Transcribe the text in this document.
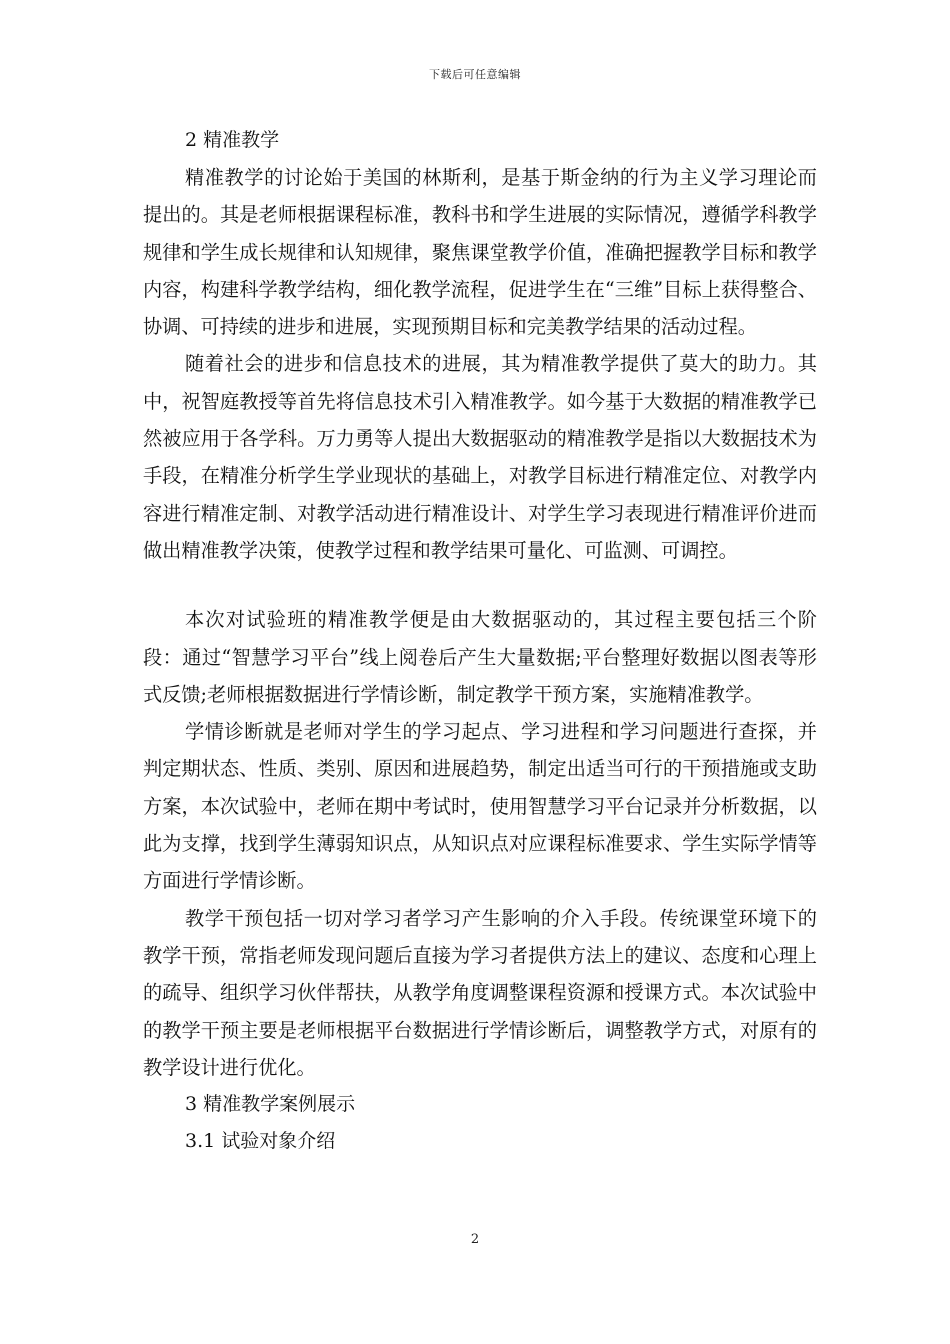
下载后可任意编辑
2 精准教学

精准教学的讨论始于美国的林斯利，是基于斯金纳的行为主义学习理论而提出的。其是老师根据课程标准，教科书和学生进展的实际情况，遵循学科教学规律和学生成长规律和认知规律，聚焦课堂教学价值，准确把握教学目标和教学内容，构建科学教学结构，细化教学流程，促进学生在“三维”目标上获得整合、协调、可持续的进步和进展，实现预期目标和完美教学结果的活动过程。

随着社会的进步和信息技术的进展，其为精准教学提供了莫大的助力。其中，祝智庭教授等首先将信息技术引入精准教学。如今基于大数据的精准教学已然被应用于各学科。万力勇等人提出大数据驱动的精准教学是指以大数据技术为手段，在精准分析学生学业现状的基础上，对教学目标进行精准定位、对教学内容进行精准定制、对教学活动进行精准设计、对学生学习表现进行精准评价进而做出精准教学决策，使教学过程和教学结果可量化、可监测、可调控。

本次对试验班的精准教学便是由大数据驱动的，其过程主要包括三个阶段：通过“智慧学习平台”线上阅卷后产生大量数据;平台整理好数据以图表等形式反馈;老师根据数据进行学情诊断，制定教学干预方案，实施精准教学。

学情诊断就是老师对学生的学习起点、学习进程和学习问题进行查探，并判定期状态、性质、类别、原因和进展趋势，制定出适当可行的干预措施或支助方案，本次试验中，老师在期中考试时，使用智慧学习平台记录并分析数据，以此为支撑，找到学生薄弱知识点，从知识点对应课程标准要求、学生实际学情等方面进行学情诊断。

教学干预包括一切对学习者学习产生影响的介入手段。传统课堂环境下的教学干预，常指老师发现问题后直接为学习者提供方法上的建议、态度和心理上的疏导、组织学习伙伴帮扶，从教学角度调整课程资源和授课方式。本次试验中的教学干预主要是老师根据平台数据进行学情诊断后，调整教学方式，对原有的教学设计进行优化。

3 精准教学案例展示
3.1 试验对象介绍
2
